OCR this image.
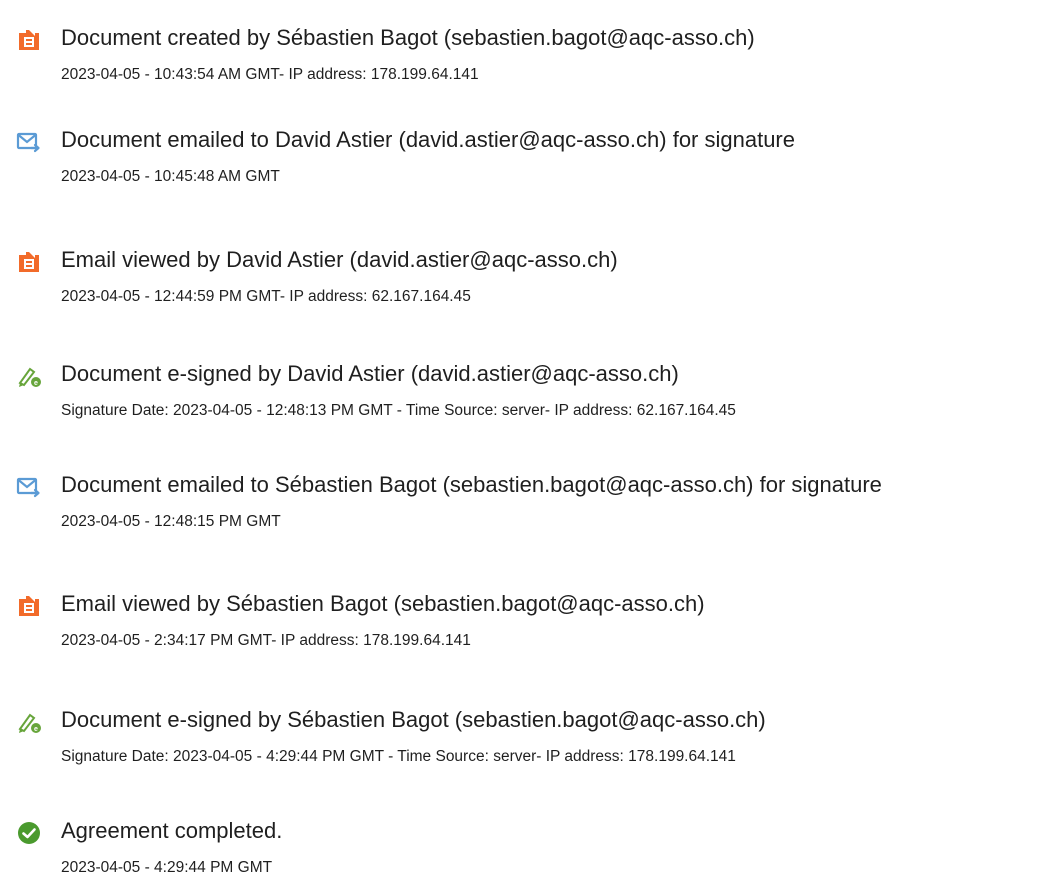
Document created by Sébastien Bagot (sebastien.bagot@aqc-asso.ch)
2023-04-05 - 10:43:54 AM GMT- IP address: 178.199.64.141
Document emailed to David Astier (david.astier@aqc-asso.ch) for signature
2023-04-05 - 10:45:48 AM GMT
Email viewed by David Astier (david.astier@aqc-asso.ch)
2023-04-05 - 12:44:59 PM GMT- IP address: 62.167.164.45
e Document e-signed by David Astier (david.astier@aqc-asso.ch)
Signature Date: 2023-04-05 - 12:48:13 PM GMT - Time Source: server- IP address: 62.167.164.45
Document emailed to Sébastien Bagot (sebastien.bagot@aqc-asso.ch) for signature
2023-04-05 - 12:48:15 PM GMT
Email viewed by Sébastien Bagot (sebastien.bagot@aqc-asso.ch)
2023-04-05 - 2:34:17 PM GMT- IP address: 178.199.64.141
e Document e-signed by Sébastien Bagot (sebastien.bagot@aqc-asso.ch)
Signature Date: 2023-04-05 - 4:29:44 PM GMT - Time Source: server- IP address: 178.199.64.141
Agreement completed.
2023-04-05 - 4:29:44 PM GMT
